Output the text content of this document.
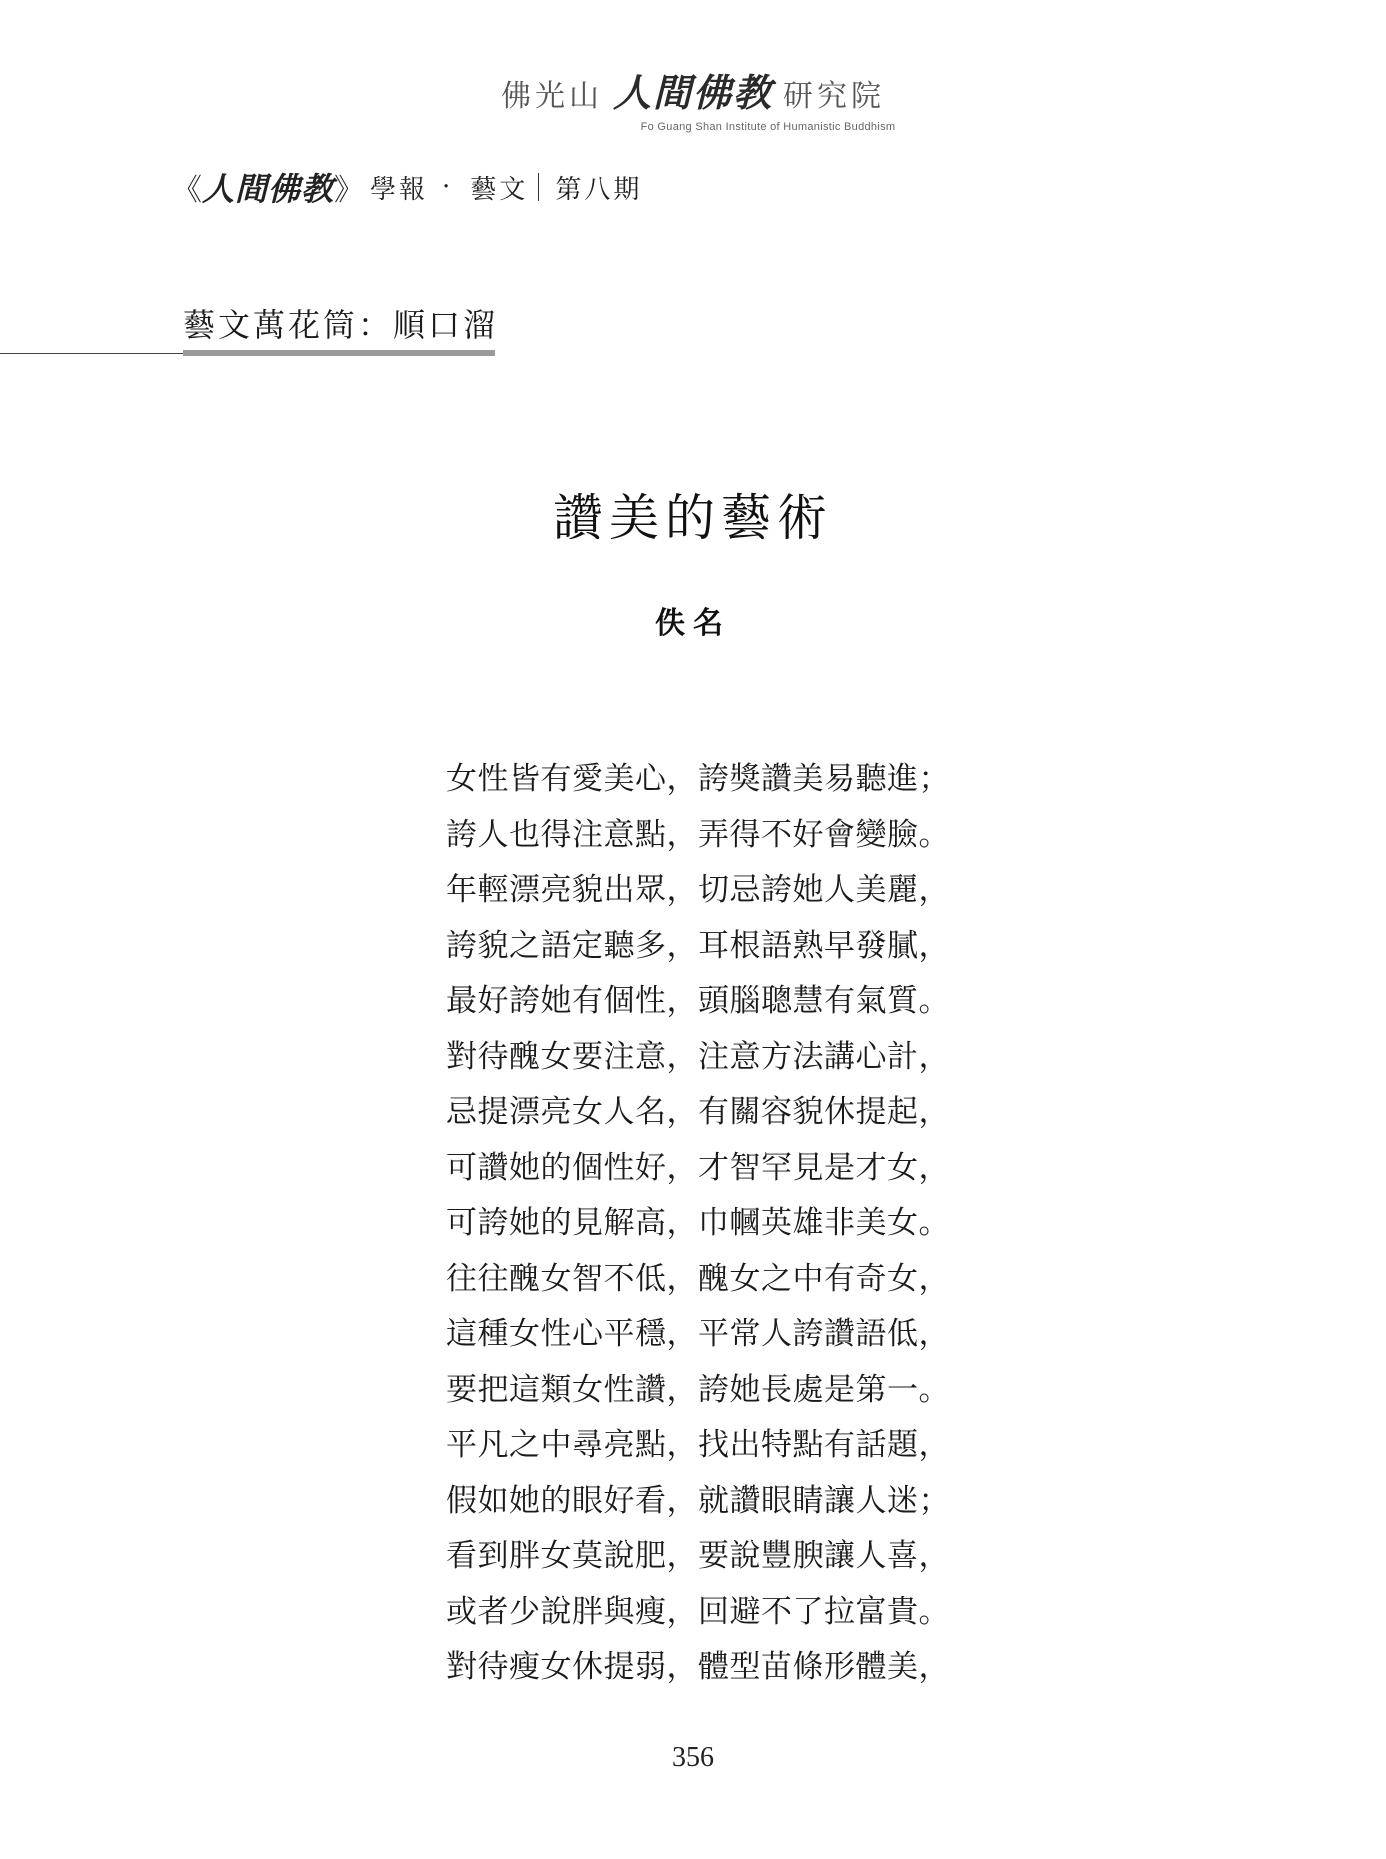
佛光山 人間佛教 研究院
Fo Guang Shan Institute of Humanistic Buddhism
《 人間佛教 》 學報 · 藝文 第八期
藝文萬花筒：順口溜
讚美的藝術
佚名
女性皆有愛美心，誇獎讚美易聽進；
誇人也得注意點，弄得不好會變臉。
年輕漂亮貌出眾，切忌誇她人美麗，
誇貌之語定聽多，耳根語熟早發膩，
最好誇她有個性，頭腦聰慧有氣質。
對待醜女要注意，注意方法講心計，
忌提漂亮女人名，有關容貌休提起，
可讚她的個性好，才智罕見是才女，
可誇她的見解高，巾幗英雄非美女。
往往醜女智不低，醜女之中有奇女，
這種女性心平穩，平常人誇讚語低，
要把這類女性讚，誇她長處是第一。
平凡之中尋亮點，找出特點有話題，
假如她的眼好看，就讚眼睛讓人迷；
看到胖女莫說肥，要說豐腴讓人喜，
或者少說胖與瘦，回避不了拉富貴。
對待瘦女休提弱，體型苗條形體美，
356
